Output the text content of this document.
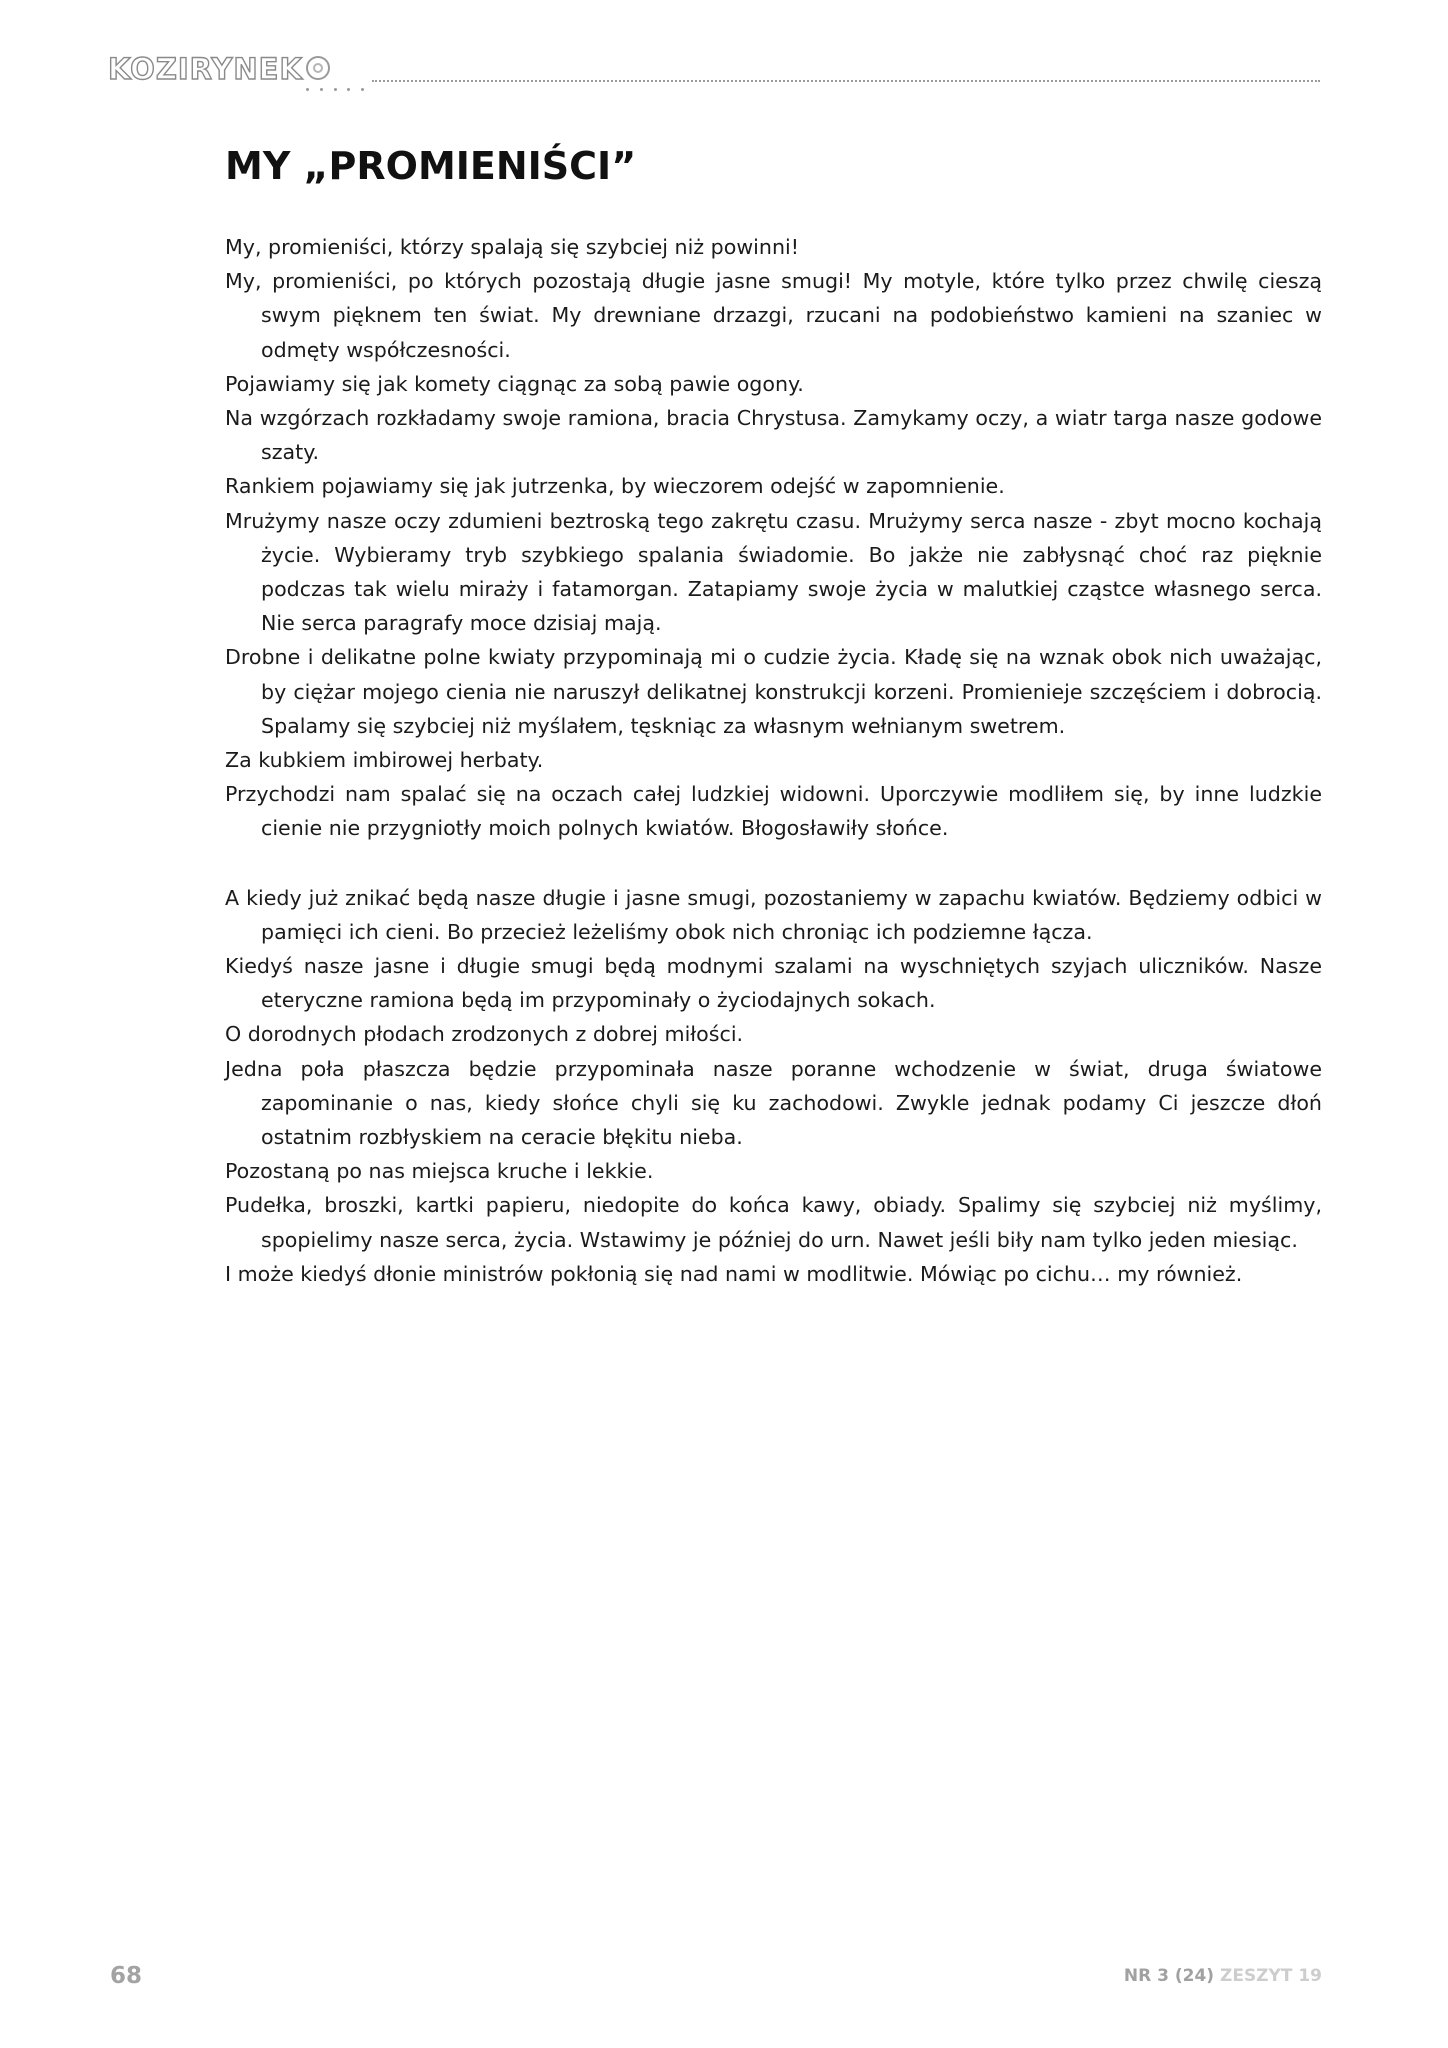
KOZIRYNEK
MY „PROMIENIŚCI”

My, promieniści, którzy spalają się szybciej niż powinni!

My, promieniści, po których pozostają długie jasne smugi! My motyle, które tylko przez chwilę cieszą swym pięknem ten świat. My drewniane drzazgi, rzucani na podobieństwo kamieni na szaniec w odmęty współczesności.

Pojawiamy się jak komety ciągnąc za sobą pawie ogony.

Na wzgórzach rozkładamy swoje ramiona, bracia Chrystusa. Zamykamy oczy, a wiatr targa nasze godowe szaty.

Rankiem pojawiamy się jak jutrzenka, by wieczorem odejść w zapomnienie.

Mrużymy nasze oczy zdumieni beztroską tego zakrętu czasu. Mrużymy serca nasze - zbyt mocno kochają życie. Wybieramy tryb szybkiego spalania świadomie. Bo jakże nie zabłysnąć choć raz pięknie podczas tak wielu miraży i fatamorgan. Zatapiamy swoje życia w malutkiej cząstce własnego serca. Nie serca paragrafy moce dzisiaj mają.

Drobne i delikatne polne kwiaty przypominają mi o cudzie życia. Kładę się na wznak obok nich uważając, by ciężar mojego cienia nie naruszył delikatnej konstrukcji korzeni. Promienieje szczęściem i dobrocią. Spalamy się szybciej niż myślałem, tęskniąc za własnym wełnianym swetrem.

Za kubkiem imbirowej herbaty.

Przychodzi nam spalać się na oczach całej ludzkiej widowni. Uporczywie modliłem się, by inne ludzkie cienie nie przygniotły moich polnych kwiatów. Błogosławiły słońce.

A kiedy już znikać będą nasze długie i jasne smugi, pozostaniemy w zapachu kwiatów. Będziemy odbici w pamięci ich cieni. Bo przecież leżeliśmy obok nich chroniąc ich podziemne łącza.

Kiedyś nasze jasne i długie smugi będą modnymi szalami na wyschniętych szyjach uliczników. Nasze eteryczne ramiona będą im przypominały o życiodajnych sokach.

O dorodnych płodach zrodzonych z dobrej miłości.

Jedna poła płaszcza będzie przypominała nasze poranne wchodzenie w świat, druga światowe zapominanie o nas, kiedy słońce chyli się ku zachodowi. Zwykle jednak podamy Ci jeszcze dłoń ostatnim rozbłyskiem na ceracie błękitu nieba.

Pozostaną po nas miejsca kruche i lekkie.

Pudełka, broszki, kartki papieru, niedopite do końca kawy, obiady. Spalimy się szybciej niż myślimy, spopielimy nasze serca, życia. Wstawimy je później do urn. Nawet jeśli biły nam tylko jeden miesiąc.

I może kiedyś dłonie ministrów pokłonią się nad nami w modlitwie. Mówiąc po cichu… my również.

68	NR 3 (24) ZESZYT 19
